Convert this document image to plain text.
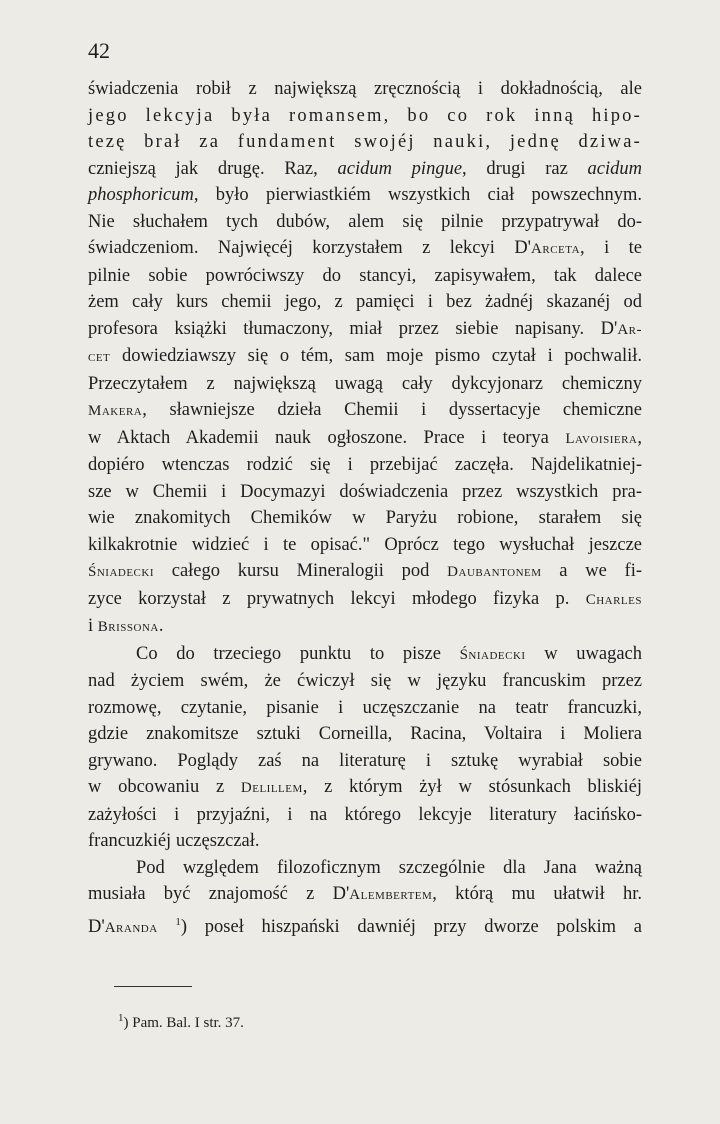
42
świadczenia robił z największą zręcznością i dokładnością, ale
jego lekcyja była romansem, bo co rok inną hipo-
tezę brał za fundament swojéj nauki, jednę dziwa-
czniejszą jak drugę. Raz, acidum pingue, drugi raz acidum
phosphoricum, było pierwiastkiém wszystkich ciał powszechnym.
Nie słuchałem tych dubów, alem się pilnie przypatrywał do-
świadczeniom. Najwięcéj korzystałem z lekcyi D'Arceta, i te
pilnie sobie powróciwszy do stancyi, zapisywałem, tak dalece
żem cały kurs chemii jego, z pamięci i bez żadnéj skazanéj od
profesora książki tłumaczony, miał przez siebie napisany. D'Ar-
ceт dowiedziawszy się o tém, sam moje pismo czytał i pochwalił.
Przeczytałem z największą uwagą cały dykcyjonarz chemiczny
Makera, sławniejsze dzieła Chemii i dyssertacyje chemiczne
w Aktach Akademii nauk ogłoszone. Prace i teorya Lavoisiera,
dopiéro wtenczas rodzić się i przebijać zaczęła. Najdelikatniej-
sze w Chemii i Docymazyi doświadczenia przez wszystkich pra-
wie znakomitych Chemików w Paryżu robione, starałem się
kilkakrotnie widzieć i te opisać." Oprócz tego wysłuchał jeszcze
Śniadecki całego kursu Mineralogii pod Daubantonem a we fi-
zyce korzystał z prywatnych lekcyi młodego fizyka p. Charles
i Brissona.
Co do trzeciego punktu to pisze Śniadecki w uwagach
nad życiem swém, że ćwiczył się w języku francuskim przez
rozmowę, czytanie, pisanie i uczęszczanie na teatr francuzki,
gdzie znakomitsze sztuki Corneilla, Racina, Voltaira i Moliera
grywano. Poglądy zaś na literaturę i sztukę wyrabiał sobie
w obcowaniu z Delillem, z którym żył w stósunkach bliskiéj
zażyłości i przyjaźni, i na którego lekcyje literatury łacińsko-
francuzkiéj uczęszczał.
Pod względem filozoficznym szczególnie dla Jana ważną
musiała być znajomość z D'Alembertem, którą mu ułatwił hr.
D'Aranda $^1$) poseł hiszpański dawniéj przy dworze polskim a
$^1$) Pam. Bal. I str. 37.
